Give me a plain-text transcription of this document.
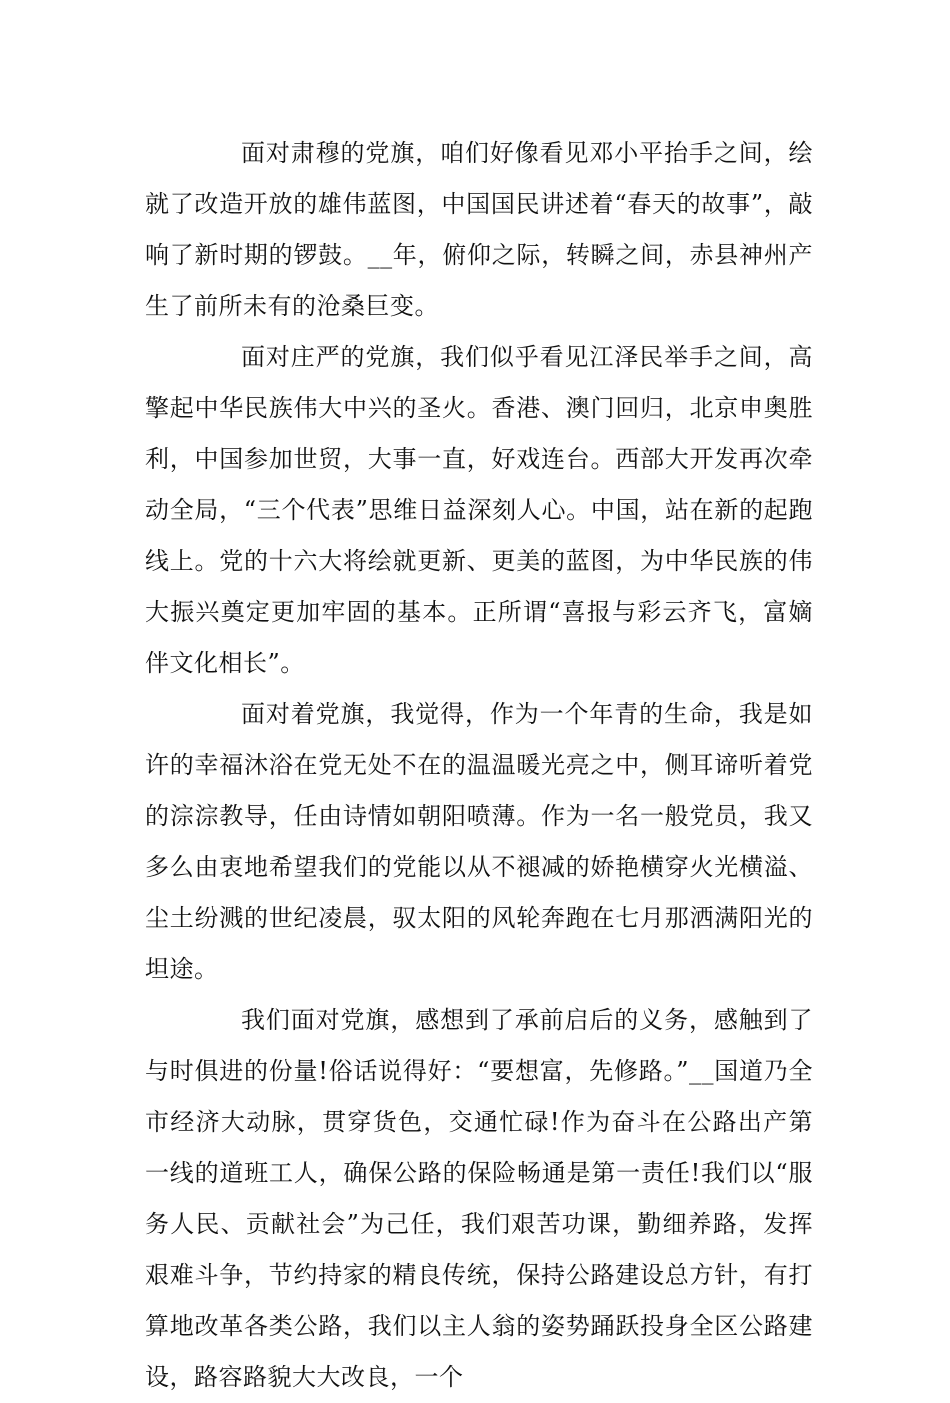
面对肃穆的党旗，咱们好像看见邓小平抬手之间，绘就了改造开放的雄伟蓝图，中国国民讲述着“春天的故事”，敲响了新时期的锣鼓。__年，俯仰之际，转瞬之间，赤县神州产生了前所未有的沧桑巨变。

面对庄严的党旗，我们似乎看见江泽民举手之间，高擎起中华民族伟大中兴的圣火。香港、澳门回归，北京申奥胜利，中国参加世贸，大事一直，好戏连台。西部大开发再次牵动全局，“三个代表”思维日益深刻人心。中国，站在新的起跑线上。党的十六大将绘就更新、更美的蓝图，为中华民族的伟大振兴奠定更加牢固的基本。正所谓“喜报与彩云齐飞，富嫡伴文化相长”。

面对着党旗，我觉得，作为一个年青的生命，我是如许的幸福沐浴在党无处不在的温温暖光亮之中，侧耳谛听着党的淙淙教导，任由诗情如朝阳喷薄。作为一名一般党员，我又多么由衷地希望我们的党能以从不褪减的娇艳横穿火光横溢、尘土纷溅的世纪凌晨，驭太阳的风轮奔跑在七月那洒满阳光的坦途。

我们面对党旗，感想到了承前启后的义务，感触到了与时俱进的份量!俗话说得好：“要想富，先修路。”__国道乃全市经济大动脉，贯穿货色，交通忙碌!作为奋斗在公路出产第一线的道班工人，确保公路的保险畅通是第一责任!我们以“服务人民、贡献社会”为己任，我们艰苦功课，勤细养路，发挥艰难斗争，节约持家的精良传统，保持公路建设总方针，有打算地改革各类公路，我们以主人翁的姿势踊跃投身全区公路建设，路容路貌大大改良，一个
